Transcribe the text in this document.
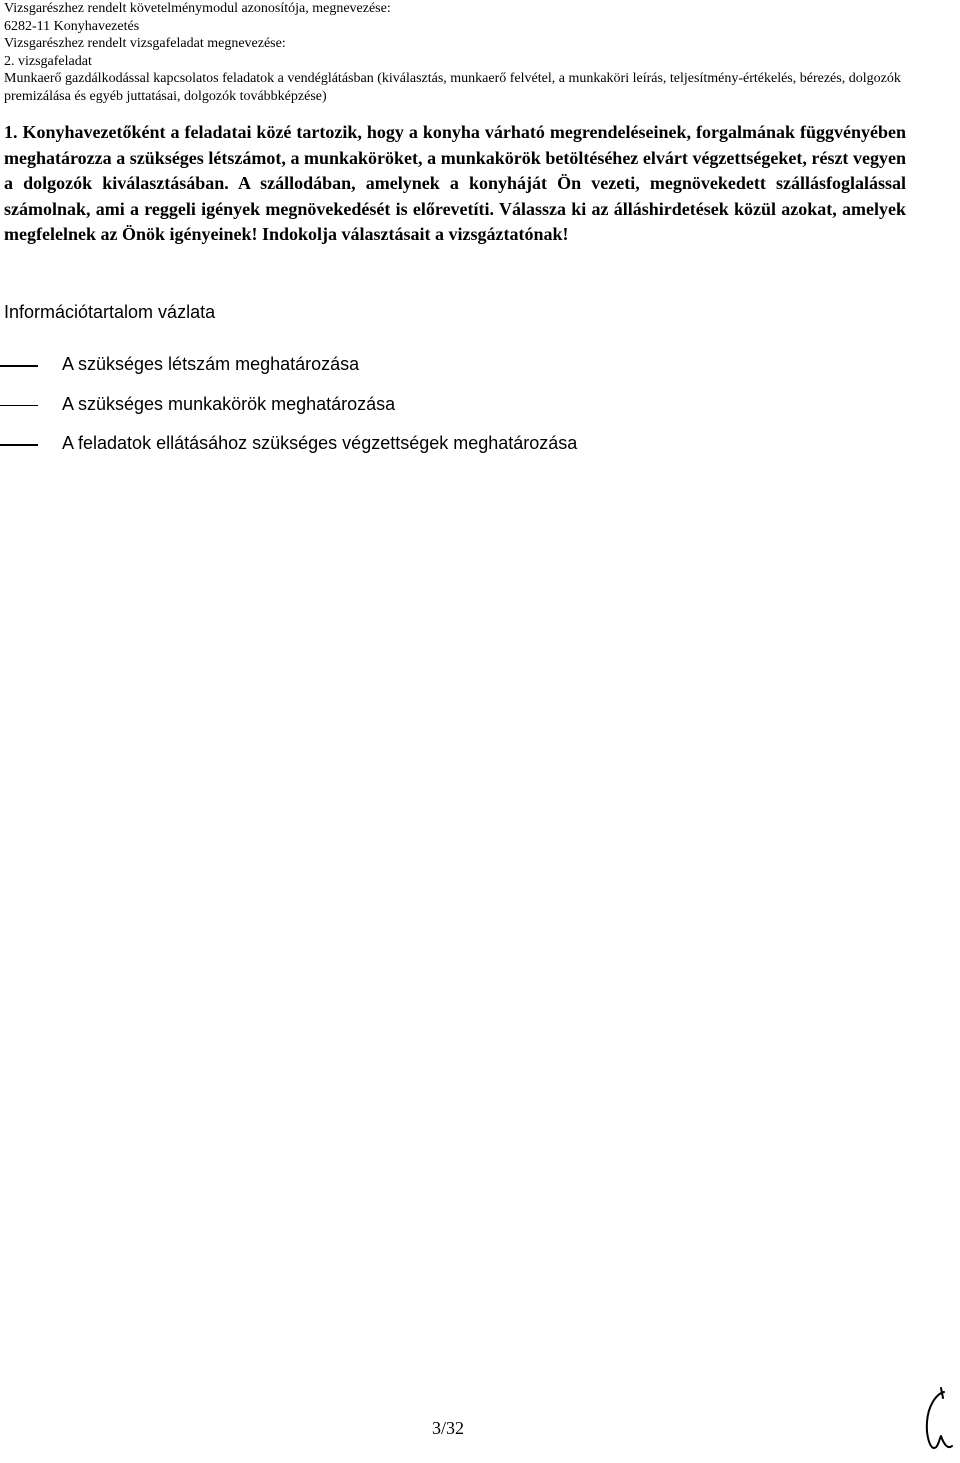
Vizsgarészhez rendelt követelménymodul azonosítója, megnevezése:
6282-11 Konyhavezetés
Vizsgarészhez rendelt vizsgafeladat megnevezése:
2. vizsgafeladat
Munkaerő gazdálkodással kapcsolatos feladatok a vendéglátásban (kiválasztás, munkaerő felvétel, a munkaköri leírás, teljesítmény-értékelés, bérezés, dolgozók premizálása és egyéb juttatásai, dolgozók továbbképzése)
1. Konyhavezetőként a feladatai közé tartozik, hogy a konyha várható megrendeléseinek, forgalmának függvényében meghatározza a szükséges létszámot, a munkaköröket, a munkakörök betöltéséhez elvárt végzettségeket, részt vegyen a dolgozók kiválasztásában. A szállodában, amelynek a konyháját Ön vezeti, megnövekedett szállásfoglalással számolnak, ami a reggeli igények megnövekedését is előrevetíti. Válassza ki az álláshirdetések közül azokat, amelyek megfelelnek az Önök igényeinek! Indokolja választásait a vizsgáztatónak!
Információtartalom vázlata
A szükséges létszám meghatározása
A szükséges munkakörök meghatározása
A feladatok ellátásához szükséges végzettségek meghatározása
3/32
